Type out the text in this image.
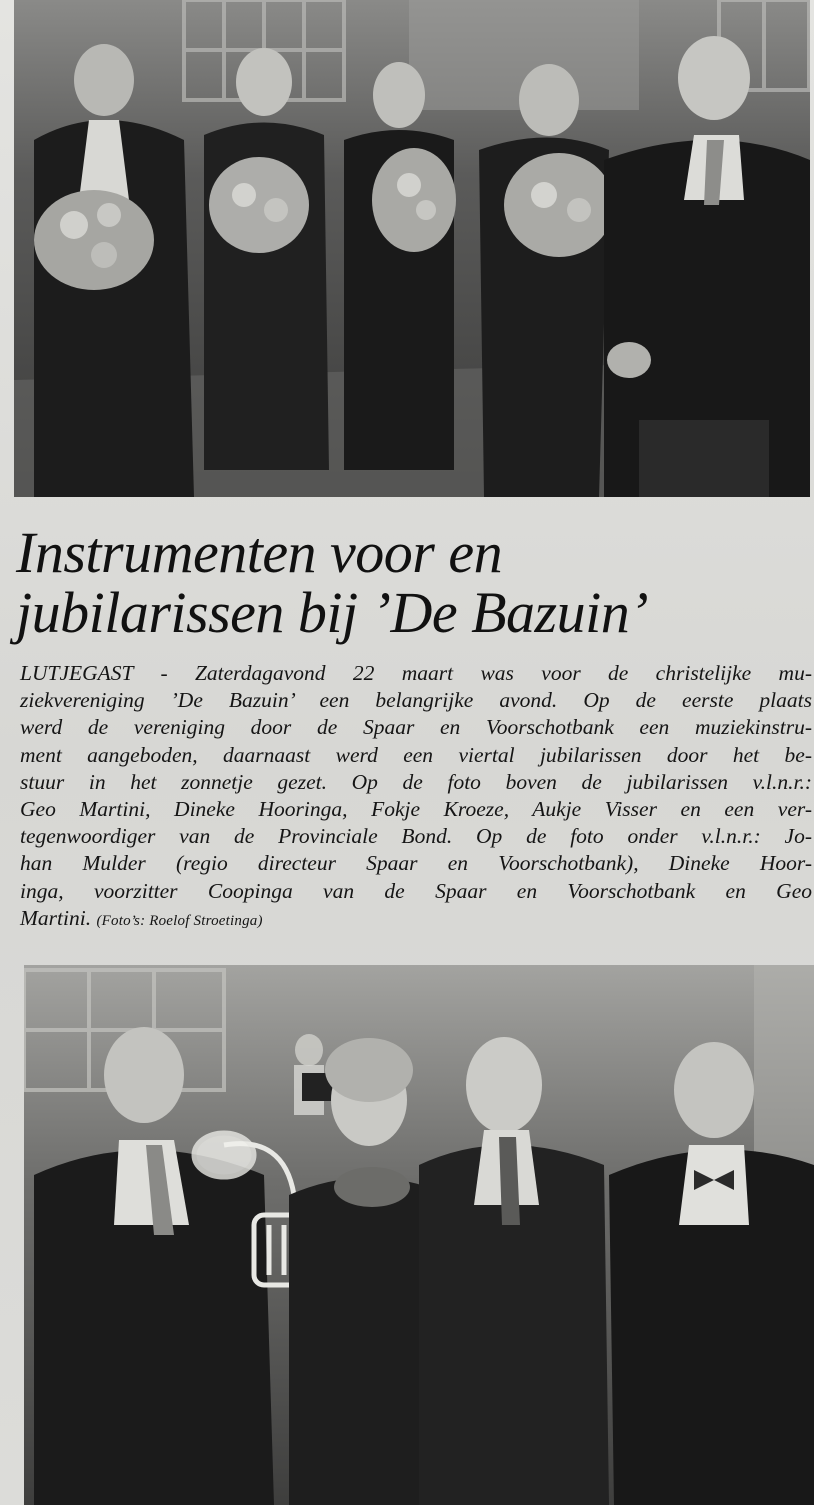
Instrumenten voor en
jubilarissen bij ’De Bazuin’

LUTJEGAST - Zaterdagavond 22 maart was voor de christelijke mu-
ziekvereniging ’De Bazuin’ een belangrijke avond. Op de eerste plaats
werd de vereniging door de Spaar en Voorschotbank een muziekinstru-
ment aangeboden, daarnaast werd een viertal jubilarissen door het be-
stuur in het zonnetje gezet. Op de foto boven de jubilarissen v.l.n.r.:
Geo Martini, Dineke Hooringa, Fokje Kroeze, Aukje Visser en een ver-
tegenwoordiger van de Provinciale Bond. Op de foto onder v.l.n.r.: Jo-
han Mulder (regio directeur Spaar en Voorschotbank), Dineke Hoor-
inga, voorzitter Coopinga van de Spaar en Voorschotbank en Geo
Martini. (Foto’s: Roelof Stroetinga)
